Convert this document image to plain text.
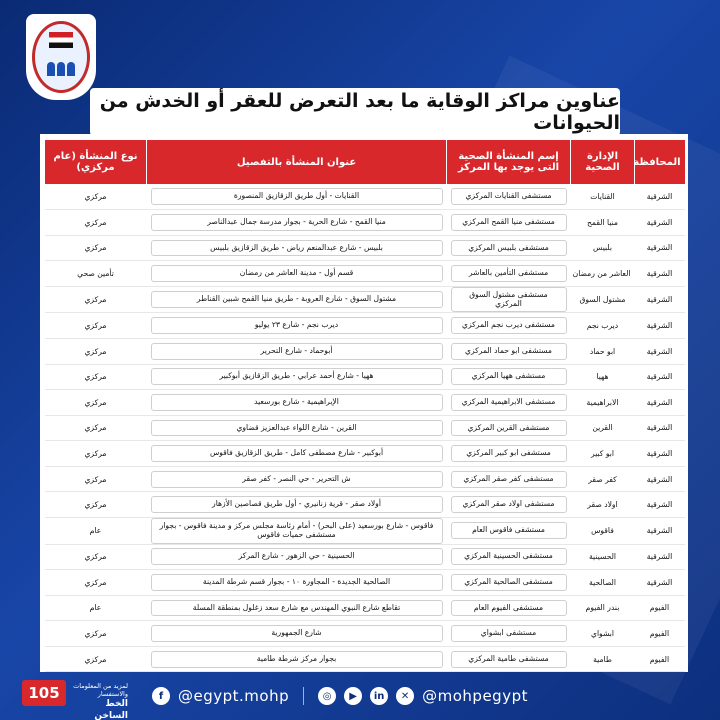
عناوين مراكز الوقاية ما بعد التعرض للعقر أو الخدش من الحيوانات
المحافظة	الإدارة الصحية	إسم المنشأة الصحية التى يوجد بها المركز	عنوان المنشأة بالتفصيل	نوع المنشأة (عام مركزي)
الشرقية	القنايات	مستشفى القنايات المركزي	القنايات - أول طريق الزقازيق المنصورة	مركزي
الشرقية	منيا القمح	مستشفى منيا القمح المركزي	منيا القمح - شارع الحرية - بجوار مدرسة جمال عبدالناصر	مركزي
الشرقية	بلبيس	مستشفى بلبيس المركزي	بلبيس - شارع عبدالمنعم رياض - طريق الزقازيق بلبيس	مركزي
الشرقية	العاشر من رمضان	مستشفى التأمين بالعاشر	قسم أول - مدينة العاشر من رمضان	تأمين صحي
الشرقية	مشتول السوق	مستشفى مشتول السوق المركزي	مشتول السوق - شارع العروبة - طريق منيا القمح شبين القناطر	مركزي
الشرقية	ديرب نجم	مستشفى ديرب نجم المركزي	ديرب نجم - شارع ٢٣ يوليو	مركزي
الشرقية	ابو حماد	مستشفى ابو حماد المركزي	أبوحماد - شارع التحرير	مركزي
الشرقية	ههيا	مستشفى ههيا المركزي	ههيا - شارع أحمد عرابي - طريق الزقازيق أبوكبير	مركزي
الشرقية	الابراهيمية	مستشفى الابراهيمية المركزي	الإبراهيمية - شارع بورسعيد	مركزي
الشرقية	القرين	مستشفى القرين المركزي	القرين - شارع اللواء عبدالعزيز قضاوي	مركزي
الشرقية	ابو كبير	مستشفى ابو كبير المركزي	أبوكبير - شارع مصطفى كامل - طريق الزقازيق فاقوس	مركزي
الشرقية	كفر صقر	مستشفى كفر صقر المركزي	ش التحرير - حي النصر - كفر صقر	مركزي
الشرقية	اولاد صقر	مستشفى اولاد صقر المركزي	أولاد صقر - قرية زنانيري - أول طريق قصاصين الأزهار	مركزي
الشرقية	فاقوس	مستشفى فاقوس العام	فاقوس - شارع بورسعيد (على البحر) - أمام رئاسة مجلس مركز و مدينة فاقوس - بجوار مستشفى حميات فاقوس	عام
الشرقية	الحسينية	مستشفى الحسينية المركزي	الحسينية - حي الزهور - شارع المركز	مركزي
الشرقية	الصالحية	مستشفى الصالحية المركزي	الصالحية الجديدة - المجاورة ١٠ - بجوار قسم شرطة المدينة	مركزي
الفيوم	بندر الفيوم	مستشفى الفيوم العام	تقاطع شارع النبوي المهندس مع شارع سعد زغلول بمنطقة المسلة	عام
الفيوم	ابشواي	مستشفى ابشواي	شارع الجمهورية	مركزي
الفيوم	طامية	مستشفى طامية المركزي	بجوار مركز شرطة طامية	مركزي
105	لمزيد من المعلومات والاستفسار
الخط الساخن
f @egypt.mohp	◎	▶	in	✕ @mohpegypt
